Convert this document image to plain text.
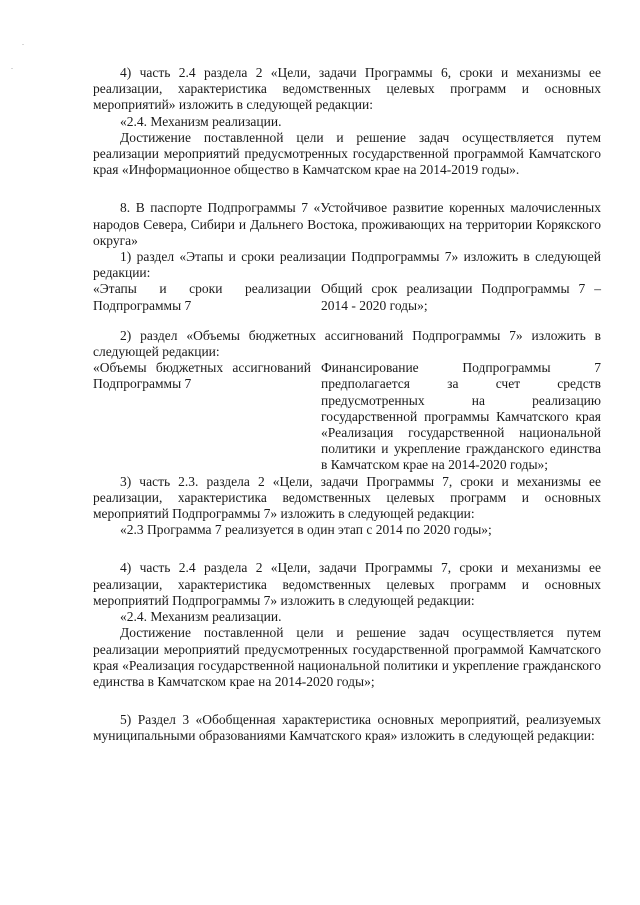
.
.	4) часть 2.4 раздела 2 «Цели, задачи Программы 6, сроки и механизмы ее реализации, характеристика ведомственных целевых программ и основных мероприятий» изложить в следующей редакции:

«2.4. Механизм реализации.

Достижение поставленной цели и решение задач осуществляется путем реализации мероприятий предусмотренных государственной программой Камчатского края «Информационное общество в Камчатском крае на 2014-2019 годы».

8. В паспорте Подпрограммы 7 «Устойчивое развитие коренных малочисленных народов Севера, Сибири и Дальнего Востока, проживающих на территории Корякского округа»

1) раздел «Этапы и сроки реализации Подпрограммы 7» изложить в следующей редакции:

«Этапы и сроки реализации Подпрограммы 7
Общий срок реализации Подпрограммы 7 – 2014 - 2020 годы»;

2) раздел «Объемы бюджетных ассигнований Подпрограммы 7» изложить в следующей редакции:

«Объемы бюджетных ассигнований Подпрограммы 7
Финансирование Подпрограммы 7 предполагается за счет средств предусмотренных на реализацию государственной программы Камчатского края «Реализация государственной национальной политики и укрепление гражданского единства в Камчатском крае на 2014-2020 годы»;

3) часть 2.3. раздела 2 «Цели, задачи Программы 7, сроки и механизмы ее реализации, характеристика ведомственных целевых программ и основных мероприятий Подпрограммы 7» изложить в следующей редакции:

«2.3 Программа 7 реализуется в один этап с 2014 по 2020 годы»;

4) часть 2.4 раздела 2 «Цели, задачи Программы 7, сроки и механизмы ее реализации, характеристика ведомственных целевых программ и основных мероприятий Подпрограммы 7» изложить в следующей редакции:

«2.4. Механизм реализации.

Достижение поставленной цели и решение задач осуществляется путем реализации мероприятий предусмотренных государственной программой Камчатского края «Реализация государственной национальной политики и укрепление гражданского единства в Камчатском крае на 2014-2020 годы»;

5) Раздел 3 «Обобщенная характеристика основных мероприятий, реализуемых муниципальными образованиями Камчатского края» изложить в следующей редакции:
